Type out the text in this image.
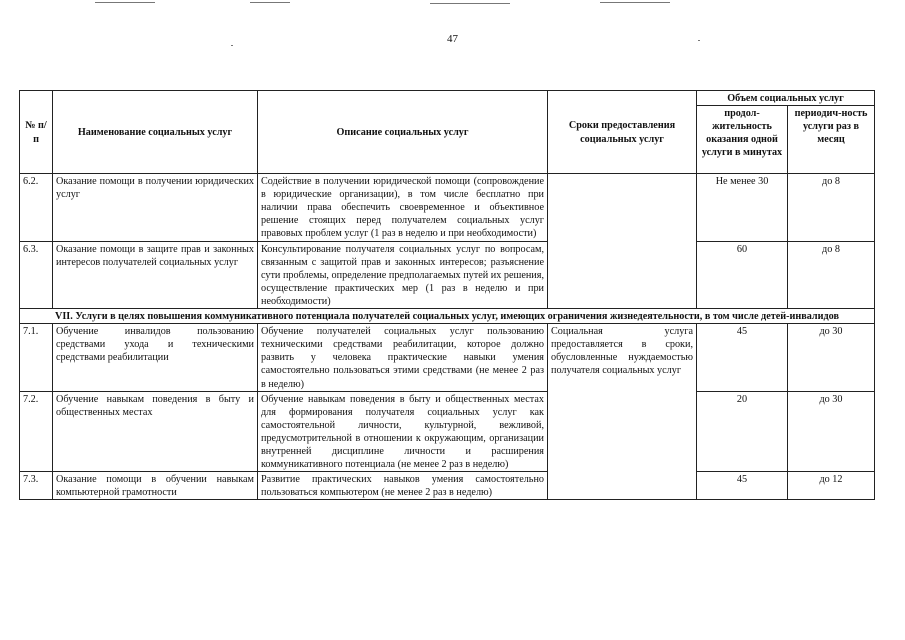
47
№ п/п	Наименование социальных услуг	Описание социальных услуг	Сроки предоставления социальных услуг	Объем социальных услуг	
				продол-жительность оказания одной услуги в минутах	периодич-ность услуги раз в месяц
6.2.	Оказание помощи в получении юридических услуг	Содействие в получении юридической помощи (сопровождение в юридические организации), в том числе бесплатно при наличии права обеспечить своевременное и объективное решение стоящих перед получателем социальных услуг правовых проблем услуг (1 раз в неделю и при необходимости)		Не менее 30	до 8
6.3.	Оказание помощи в защите прав и законных интересов получателей социальных услуг	Консультирование получателя социальных услуг по вопросам, связанным с защитой прав и законных интересов; разъяснение сути проблемы, определение предполагаемых путей их решения, осуществление практических мер (1 раз в неделю и при необходимости)		60	до 8
VII. Услуги в целях повышения коммуникативного потенциала получателей социальных услуг, имеющих ограничения жизнедеятельности, в том числе детей-инвалидов					
7.1.	Обучение инвалидов пользованию средствами ухода и техническими средствами реабилитации	Обучение получателей социальных услуг пользованию техническими средствами реабилитации, которое должно развить у человека практические навыки умения самостоятельно пользоваться этими средствами (не менее 2 раз в неделю)	Социальная услуга предоставляется в сроки, обусловленные нуждаемостью получателя социальных услуг	45	до 30
7.2.	Обучение навыкам поведения в быту и общественных местах	Обучение навыкам поведения в быту и общественных местах для формирования получателя социальных услуг как самостоятельной личности, культурной, вежливой, предусмотрительной в отношении к окружающим, организации внутренней дисциплине личности и расширения коммуникативного потенциала (не менее 2 раз в неделю)		20	до 30
7.3.	Оказание помощи в обучении навыкам компьютерной грамотности	Развитие практических навыков умения самостоятельно пользоваться компьютером (не менее 2 раз в неделю)		45	до 12
